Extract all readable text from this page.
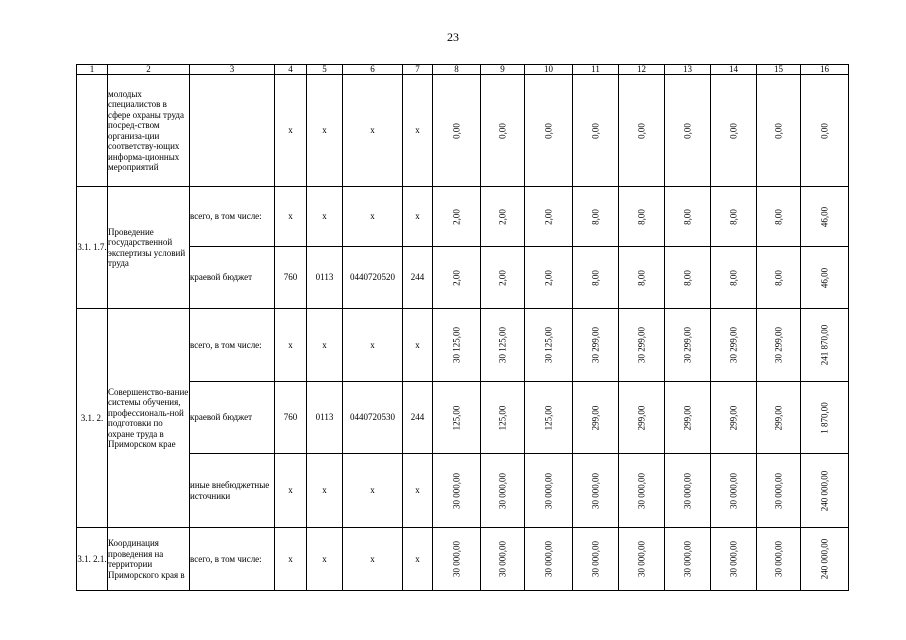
23
1	2	3	4	5	6	7	8	9	10	11	12	13	14	15	16
	молодых специалистов в сфере охраны труда посред-ством организа-ции соответству-ющих информа-ционных мероприятий		х	х	х	х	0,00	0,00	0,00	0,00	0,00	0,00	0,00	0,00	0,00

3.1. 1.7.	Проведение государственной экспертизы условий труда	всего, в том числе:	х	х	х	х	2,00	2,00	2,00	8,00	8,00	8,00	8,00	8,00	46,00

		краевой бюджет	760	0113	0440720520	244	2,00	2,00	2,00	8,00	8,00	8,00	8,00	8,00	46,00

3.1. 2.	Совершенство-вание системы обучения, профессиональ-ной подготовки по охране труда в Приморском крае	всего, в том числе:	х	х	х	х	30 125,00	30 125,00	30 125,00	30 299,00	30 299,00	30 299,00	30 299,00	30 299,00	241 870,00

		краевой бюджет	760	0113	0440720530	244	125,00	125,00	125,00	299,00	299,00	299,00	299,00	299,00	1 870,00

		иные внебюджетные источники	х	х	х	х	30 000,00	30 000,00	30 000,00	30 000,00	30 000,00	30 000,00	30 000,00	30 000,00	240 000,00

3.1. 2.1.	Координация проведения на территории Приморского края в	всего, в том числе:	х	х	х	х	30 000,00	30 000,00	30 000,00	30 000,00	30 000,00	30 000,00	30 000,00	30 000,00	240 000,00
